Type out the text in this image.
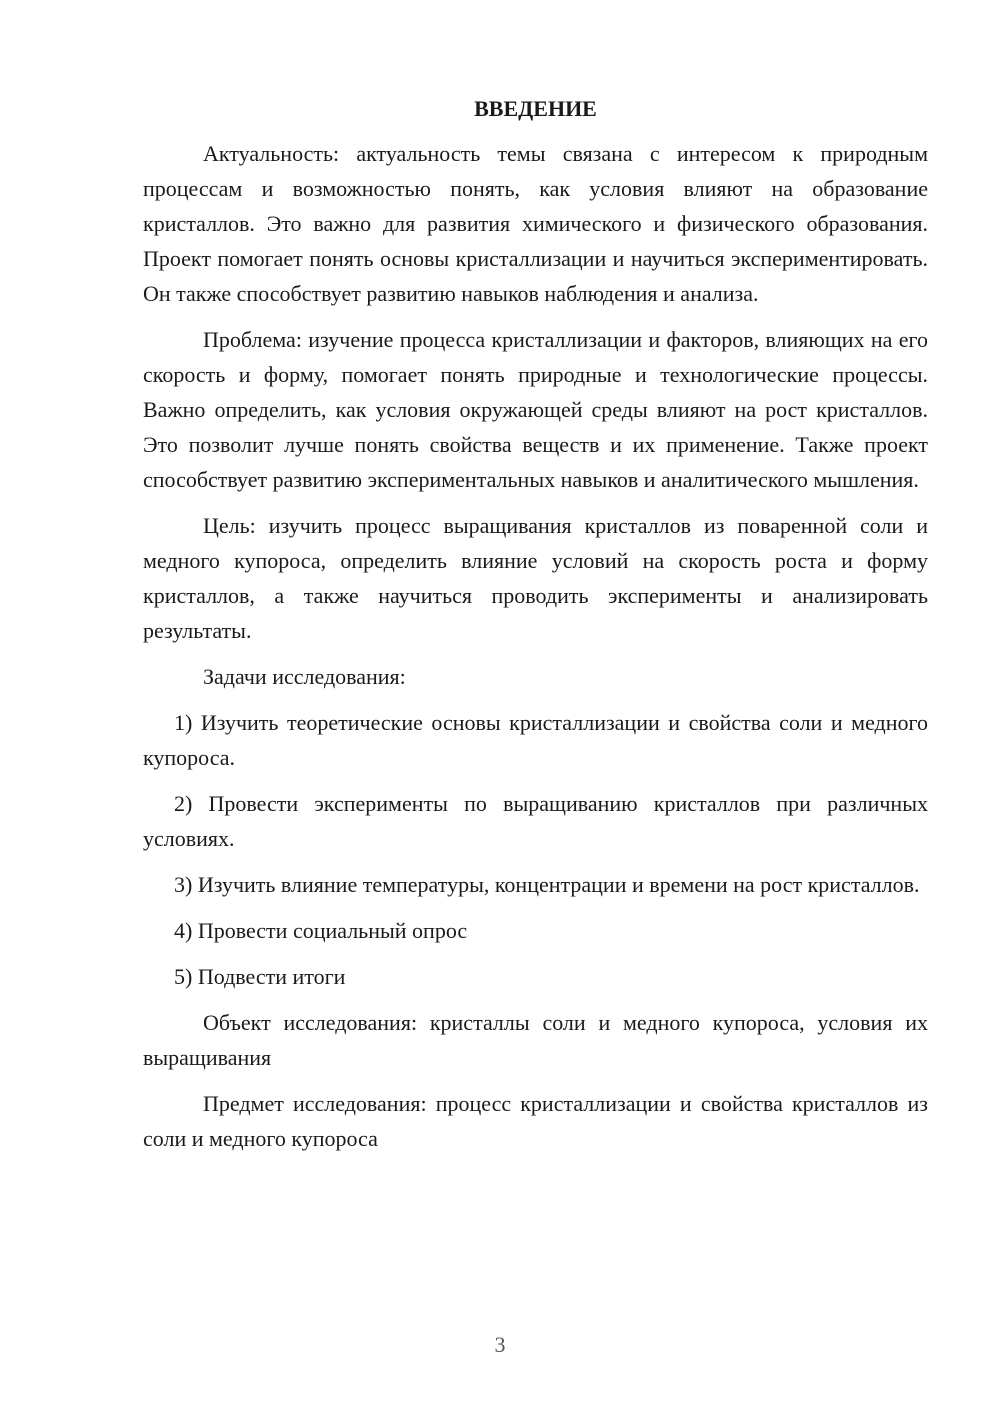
ВВЕДЕНИЕ

Актуальность: актуальность темы связана с интересом к природным процессам и возможностью понять, как условия влияют на образование кристаллов. Это важно для развития химического и физического образования. Проект помогает понять основы кристаллизации и научиться экспериментировать. Он также способствует развитию навыков наблюдения и анализа.

Проблема: изучение процесса кристаллизации и факторов, влияющих на его скорость и форму, помогает понять природные и технологические процессы. Важно определить, как условия окружающей среды влияют на рост кристаллов. Это позволит лучше понять свойства веществ и их применение. Также проект способствует развитию экспериментальных навыков и аналитического мышления.

Цель: изучить процесс выращивания кристаллов из поваренной соли и медного купороса, определить влияние условий на скорость роста и форму кристаллов, а также научиться проводить эксперименты и анализировать результаты.

Задачи исследования:

1) Изучить теоретические основы кристаллизации и свойства соли и медного купороса.

2) Провести эксперименты по выращиванию кристаллов при различных условиях.

3) Изучить влияние температуры, концентрации и времени на рост кристаллов.

4) Провести социальный опрос

5) Подвести итоги

Объект исследования: кристаллы соли и медного купороса, условия их выращивания

Предмет исследования: процесс кристаллизации и свойства кристаллов из соли и медного купороса

3
